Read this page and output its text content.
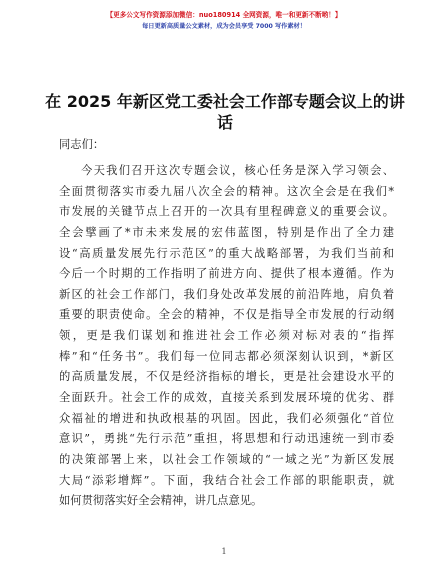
【更多公文写作资源添加微信：nuo180914 全网资源，唯一和更新不断哟！】
每日更新高质量公文素材，成为会员享受 7000 写作素材！
在 2025 年新区党工委社会工作部专题会议上的讲话
同志们：
今天我们召开这次专题会议，核心任务是深入学习领会、
全面贯彻落实市委九届八次全会的精神。这次全会是在我们*
市发展的关键节点上召开的一次具有里程碑意义的重要会议。
全会擘画了*市未来发展的宏伟蓝图，特别是作出了全力建
设“高质量发展先行示范区”的重大战略部署，为我们当前和
今后一个时期的工作指明了前进方向、提供了根本遵循。作为
新区的社会工作部门，我们身处改革发展的前沿阵地，肩负着
重要的职责使命。全会的精神，不仅是指导全市发展的行动纲
领，更是我们谋划和推进社会工作必须对标对表的“指挥
棒”和“任务书”。我们每一位同志都必须深刻认识到，*新区
的高质量发展，不仅是经济指标的增长，更是社会建设水平的
全面跃升。社会工作的成效，直接关系到发展环境的优劣、群
众福祉的增进和执政根基的巩固。因此，我们必须强化“首位
意识”，勇挑“先行示范”重担，将思想和行动迅速统一到市委
的决策部署上来，以社会工作领域的“一域之光”为新区发展
大局“添彩增辉”。下面，我结合社会工作部的职能职责，就
如何贯彻落实好全会精神，讲几点意见。
1
